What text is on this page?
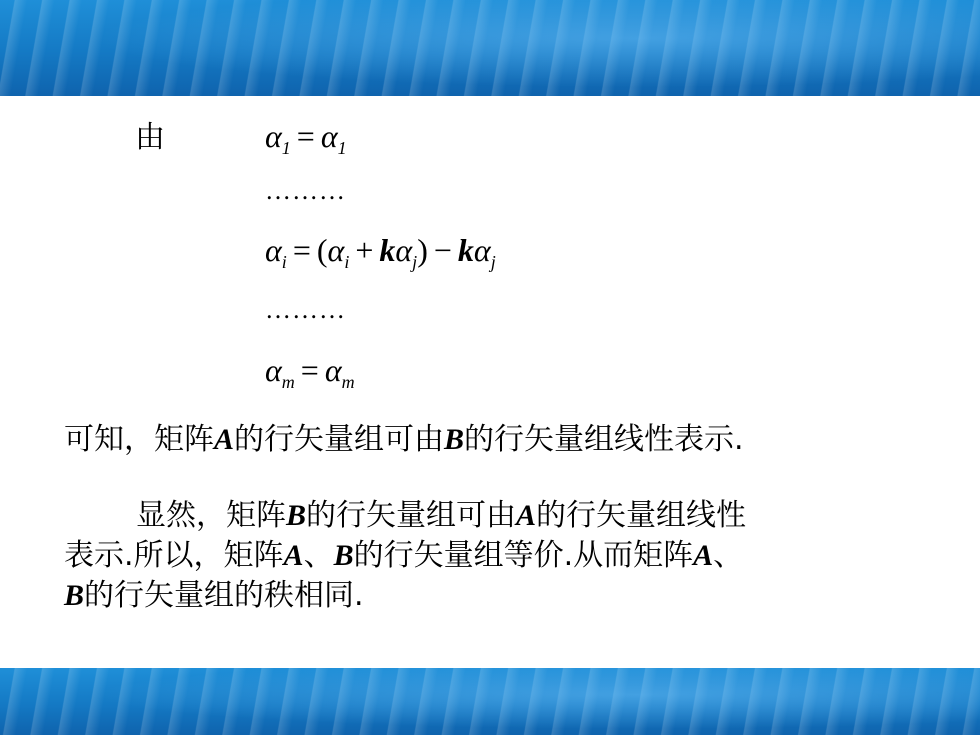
由	$\alpha_1 = \alpha_1$
………
$\alpha_i = (\alpha_i + k\alpha_j) - k\alpha_j$
………
$\alpha_m = \alpha_m$
可知，矩阵A的行矢量组可由B的行矢量组线性表示.
显然，矩阵B的行矢量组可由A的行矢量组线性
表示.所以，矩阵A、B的行矢量组等价.从而矩阵A、
B的行矢量组的秩相同.
